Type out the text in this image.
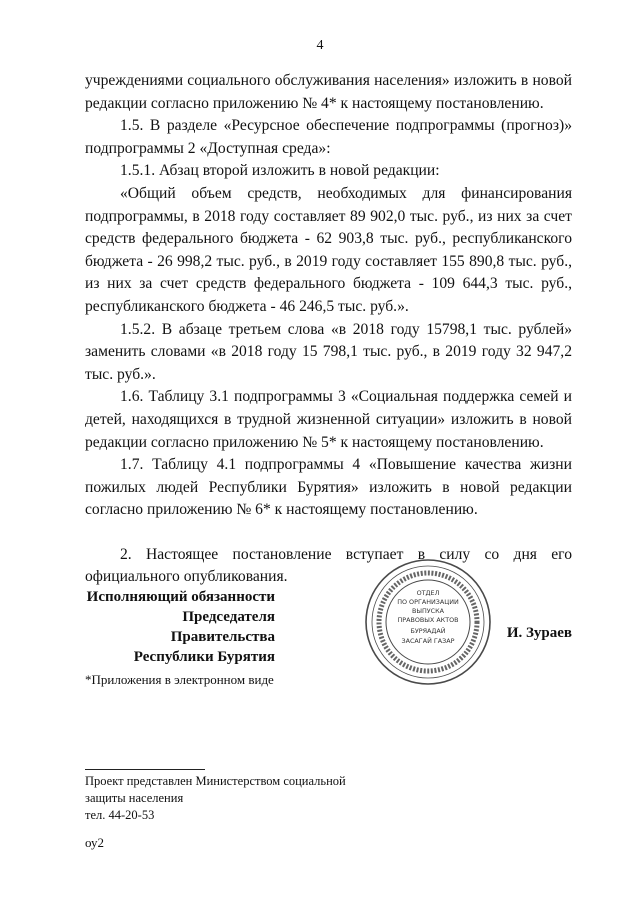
4

учреждениями социального обслуживания населения» изложить в новой редакции согласно приложению № 4* к настоящему постановлению.

1.5. В разделе «Ресурсное обеспечение подпрограммы (прогноз)» подпрограммы 2 «Доступная среда»:

1.5.1. Абзац второй изложить в новой редакции:

«Общий объем средств, необходимых для финансирования подпрограммы, в 2018 году составляет 89 902,0 тыс. руб., из них за счет средств федерального бюджета - 62 903,8 тыс. руб., республиканского бюджета - 26 998,2 тыс. руб., в 2019 году составляет 155 890,8 тыс. руб., из них за счет средств федерального бюджета - 109 644,3 тыс. руб., республиканского бюджета - 46 246,5 тыс. руб.».

1.5.2. В абзаце третьем слова «в 2018 году 15798,1 тыс. рублей» заменить словами «в 2018 году 15 798,1 тыс. руб., в 2019 году 32 947,2 тыс. руб.».

1.6. Таблицу 3.1 подпрограммы 3 «Социальная поддержка семей и детей, находящихся в трудной жизненной ситуации» изложить в новой редакции согласно приложению № 5* к настоящему постановлению.

1.7. Таблицу 4.1 подпрограммы 4 «Повышение качества жизни пожилых людей Республики Бурятия» изложить в новой редакции согласно приложению № 6* к настоящему постановлению.

2. Настоящее постановление вступает в силу со дня его официального опубликования.

Исполняющий обязанности
Председателя Правительства
Республики Бурятия
ОТДЕЛ
ПО ОРГАНИЗАЦИИ
ВЫПУСКА
ПРАВОВЫХ АКТОВ
БУРЯАДАЙ
ЗАСАГАЙ ГАЗАР	И. Зураев
*Приложения в электронном виде
Проект представлен Министерством социальной
защиты населения
тел. 44-20-53
оу2
